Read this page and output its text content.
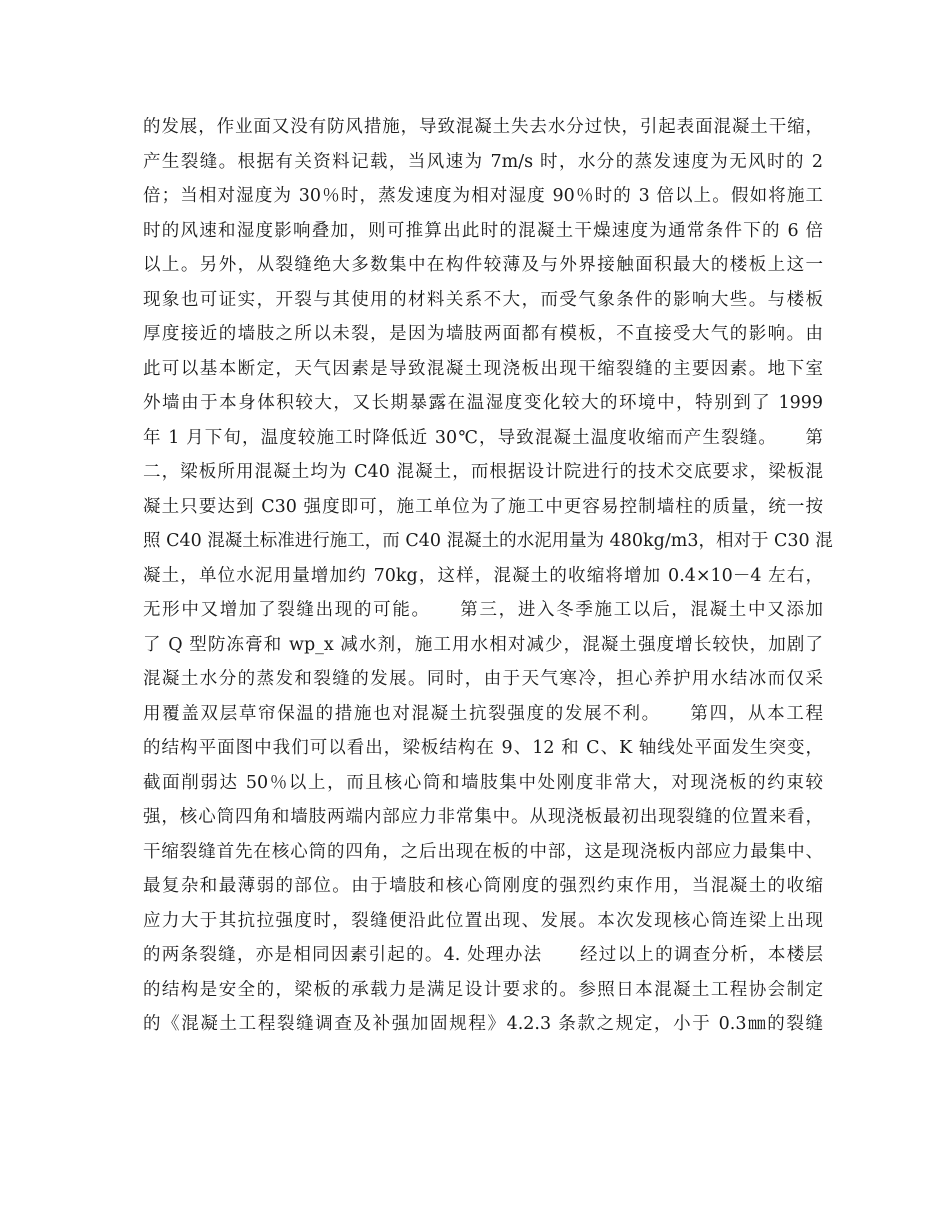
的发展，作业面又没有防风措施，导致混凝土失去水分过快，引起表面混凝土干缩，
产生裂缝。根据有关资料记载，当风速为 7m/s 时，水分的蒸发速度为无风时的 2
倍；当相对湿度为 30％时，蒸发速度为相对湿度 90％时的 3 倍以上。假如将施工
时的风速和湿度影响叠加，则可推算出此时的混凝土干燥速度为通常条件下的 6 倍
以上。另外，从裂缝绝大多数集中在构件较薄及与外界接触面积最大的楼板上这一
现象也可证实，开裂与其使用的材料关系不大，而受气象条件的影响大些。与楼板
厚度接近的墙肢之所以未裂，是因为墙肢两面都有模板，不直接受大气的影响。由
此可以基本断定，天气因素是导致混凝土现浇板出现干缩裂缝的主要因素。地下室
外墙由于本身体积较大，又长期暴露在温湿度变化较大的环境中，特别到了 1999
年 1 月下旬，温度较施工时降低近 30℃，导致混凝土温度收缩而产生裂缝。　　第
二，梁板所用混凝土均为 C40 混凝土，而根据设计院进行的技术交底要求，梁板混
凝土只要达到 C30 强度即可，施工单位为了施工中更容易控制墙柱的质量，统一按
照 C40 混凝土标准进行施工，而 C40 混凝土的水泥用量为 480kg/m3，相对于 C30 混
凝土，单位水泥用量增加约 70kg，这样，混凝土的收缩将增加 0.4×10－4 左右，
无形中又增加了裂缝出现的可能。　　第三，进入冬季施工以后，混凝土中又添加
了 Q 型防冻膏和 wp_x 减水剂，施工用水相对减少，混凝土强度增长较快，加剧了
混凝土水分的蒸发和裂缝的发展。同时，由于天气寒冷，担心养护用水结冰而仅采
用覆盖双层草帘保温的措施也对混凝土抗裂强度的发展不利。　　第四，从本工程
的结构平面图中我们可以看出，梁板结构在 9、12 和 C、K 轴线处平面发生突变，
截面削弱达 50％以上，而且核心筒和墙肢集中处刚度非常大，对现浇板的约束较
强，核心筒四角和墙肢两端内部应力非常集中。从现浇板最初出现裂缝的位置来看，
干缩裂缝首先在核心筒的四角，之后出现在板的中部，这是现浇板内部应力最集中、
最复杂和最薄弱的部位。由于墙肢和核心筒刚度的强烈约束作用，当混凝土的收缩
应力大于其抗拉强度时，裂缝便沿此位置出现、发展。本次发现核心筒连梁上出现
的两条裂缝，亦是相同因素引起的。4. 处理办法　　经过以上的调查分析，本楼层
的结构是安全的，梁板的承载力是满足设计要求的。参照日本混凝土工程协会制定
的《混凝土工程裂缝调查及补强加固规程》4.2.3 条款之规定，小于 0.3㎜的裂缝
